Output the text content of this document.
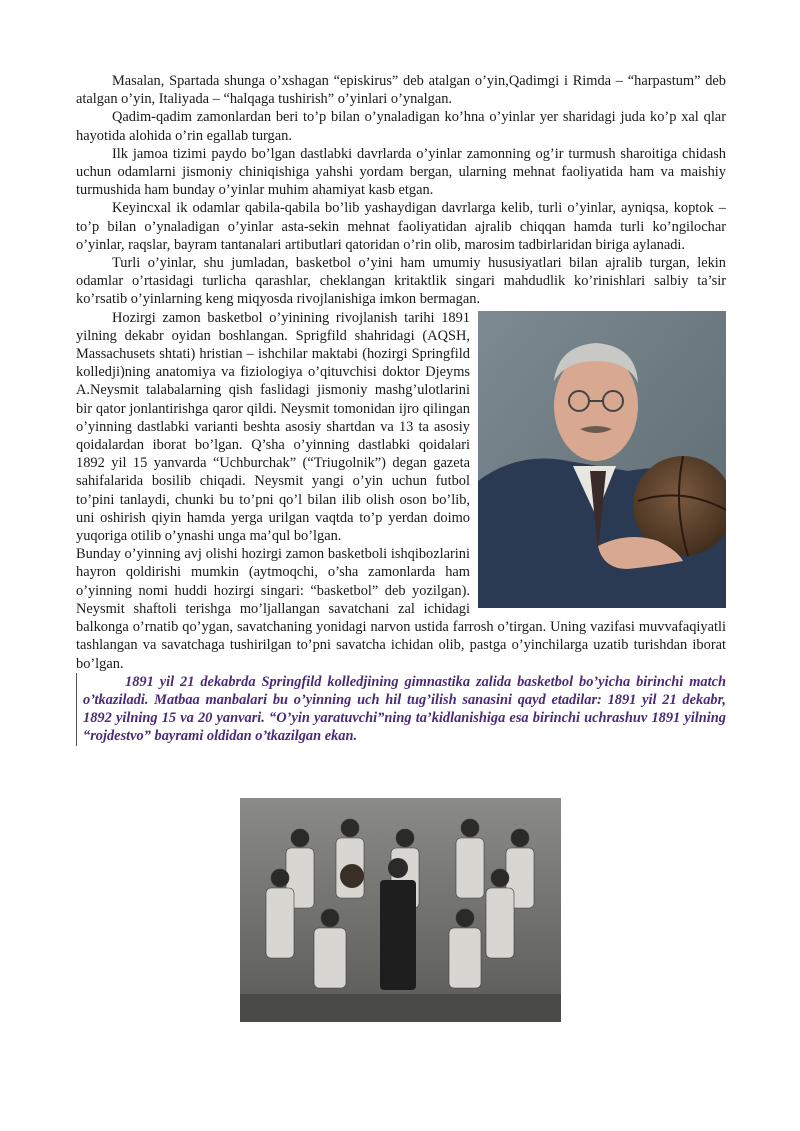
Masalan, Spartada shunga o’xshagan “episkirus” deb atalgan o’yin,Qadimgi i Rimda – “harpastum” deb atalgan o’yin, Italiyada – “halqaga tushirish” o’yinlari o’ynalgan.

Qadim-qadim zamonlardan beri to’p bilan o’ynaladigan ko’hna o’yinlar yer sharidagi juda ko’p xal qlar hayotida alohida o’rin egallab turgan.

Ilk jamoa tizimi paydo bo’lgan dastlabki davrlarda o’yinlar zamonning og’ir turmush sharoitiga chidash uchun odamlarni jismoniy chiniqishiga yahshi yordam bergan, ularning mehnat faoliyatida ham va maishiy turmushida ham bunday o’yinlar muhim ahamiyat kasb etgan.

Keyincxal ik odamlar qabila-qabila bo’lib yashaydigan davrlarga kelib, turli o’yinlar, ayniqsa, koptok – to’p bilan o’ynaladigan o’yinlar asta-sekin mehnat faoliyatidan ajralib chiqqan hamda turli ko’ngilochar o’yinlar, raqslar, bayram tantanalari artibutlari qatoridan o’rin olib, marosim tadbirlaridan biriga aylanadi.

Turli o’yinlar, shu jumladan, basketbol o’yini ham umumiy hususiyatlari bilan ajralib turgan, lekin odamlar o’rtasidagi turlicha qarashlar, cheklangan kritaktlik singari mahdudlik ko’rinishlari salbiy ta’sir ko’rsatib o’yinlarning keng miqyosda rivojlanishiga imkon bermagan.

Hozirgi zamon basketbol o’yinining rivojlanish tarihi 1891 yilning dekabr oyidan boshlangan. Sprigfild shahridagi (AQSH, Massachusets shtati) hristian – ishchilar maktabi (hozirgi Springfild kolledji)ning anatomiya va fiziologiya o’qituvchisi doktor Djeyms A.Neysmit talabalarning qish faslidagi jismoniy mashg’ulotlarini bir qator jonlantirishga qaror qildi. Neysmit tomonidan ijro qilingan o’yinning dastlabki varianti beshta asosiy shartdan va 13 ta asosiy qoidalardan iborat bo’lgan. Q’sha o’yinning dastlabki qoidalari 1892 yil 15 yanvarda “Uchburchak” (“Triugolnik”) degan gazeta sahifalarida bosilib chiqadi. Neysmit yangi o’yin uchun futbol to’pini tanlaydi, chunki bu to’pni qo’l bilan ilib olish oson bo’lib, uni oshirish qiyin hamda yerga urilgan vaqtda to’p yerdan doimo yuqoriga otilib o’ynashi unga ma’qul bo’lgan.

Bunday o’yinning avj olishi hozirgi zamon basketboli ishqibozlarini hayron qoldirishi mumkin (aytmoqchi, o’sha zamonlarda ham o’yinning nomi huddi hozirgi singari: “basketbol” deb yozilgan). Neysmit shaftoli terishga mo’ljallangan savatchani zal ichidagi balkonga o’rnatib qo’ygan, savatchaning yonidagi narvon ustida farrosh o’tirgan. Uning vazifasi muvvafaqiyatli tashlangan va savatchaga tushirilgan to’pni savatcha ichidan olib, pastga o’yinchilarga uzatib turishdan iborat bo’lgan.

1891 yil 21 dekabrda Springfild kolledjining gimnastika zalida basketbol bo’yicha birinchi match o’tkaziladi. Matbaa manbalari bu o’yinning uch hil tug’ilish sanasini qayd etadilar: 1891 yil 21 dekabr, 1892 yilning 15 va 20 yanvari. “O’yin yaratuvchi”ning ta’kidlanishiga esa birinchi uchrashuv 1891 yilning “rojdestvo” bayrami oldidan o’tkazilgan ekan.
